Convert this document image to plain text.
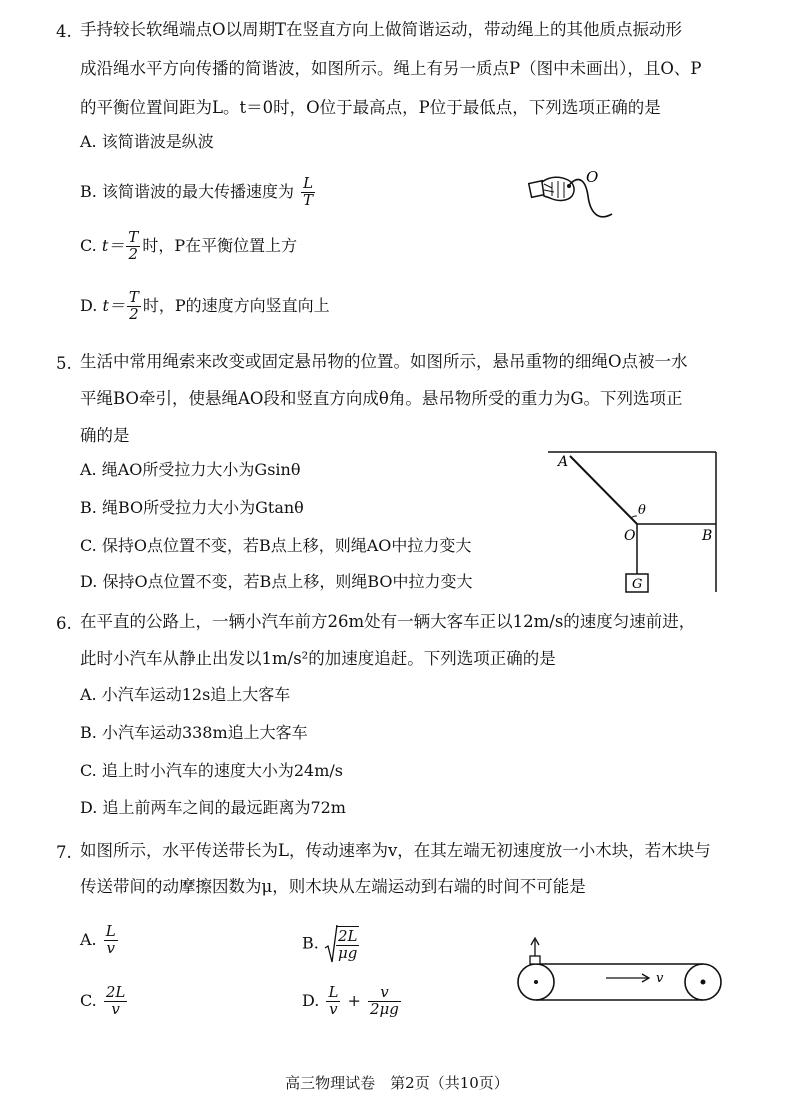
4. 手持较长软绳端点O以周期T在竖直方向上做简谐运动，带动绳上的其他质点振动形
成沿绳水平方向传播的简谐波，如图所示。绳上有另一质点P（图中未画出），且O、P
的平衡位置间距为L。t＝0时，O位于最高点，P位于最低点，下列选项正确的是
A. 该简谐波是纵波
B. 该简谐波的最大传播速度为 $\frac{L}{T}$
C. $t= \frac{T}{2}$ 时，P在平衡位置上方
D. $t= \frac{T}{2}$ 时，P的速度方向竖直向上
O
5. 生活中常用绳索来改变或固定悬吊物的位置。如图所示，悬吊重物的细绳O点被一水
平绳BO牵引，使悬绳AO段和竖直方向成θ角。悬吊物所受的重力为G。下列选项正
确的是
A. 绳AO所受拉力大小为Gsinθ
B. 绳BO所受拉力大小为Gtanθ
C. 保持O点位置不变，若B点上移，则绳AO中拉力变大
D. 保持O点位置不变，若B点上移，则绳BO中拉力变大
A
B
O
θ
G
6. 在平直的公路上，一辆小汽车前方26m处有一辆大客车正以12m/s的速度匀速前进，
此时小汽车从静止出发以1m/s²的加速度追赶。下列选项正确的是
A. 小汽车运动12s追上大客车
B. 小汽车运动338m追上大客车
C. 追上时小汽车的速度大小为24m/s
D. 追上前两车之间的最远距离为72m
7. 如图所示，水平传送带长为L，传动速率为v，在其左端无初速度放一小木块，若木块与
传送带间的动摩擦因数为μ，则木块从左端运动到右端的时间不可能是
A. $\frac{L}{v}$	B. $\frac{2L}{\mu g}$
C. $\frac{2L}{v}$	D. $\frac{L}{v} + \frac{v}{2\mu g}$
v
高三物理试卷　第2页（共10页）
